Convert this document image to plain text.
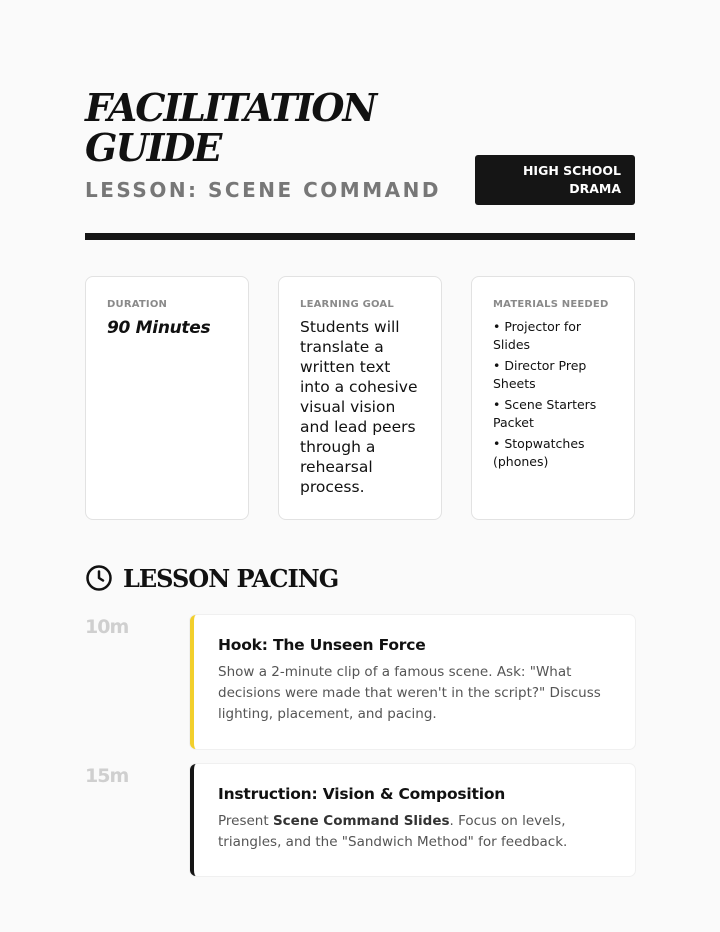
FACILITATION
GUIDE
LESSON: SCENE COMMAND
HIGH SCHOOL
DRAMA
DURATION
90 Minutes
LEARNING GOAL
Students will translate a written text into a cohesive visual vision and lead peers through a rehearsal process.
MATERIALS NEEDED
• Projector for Slides
• Director Prep Sheets
• Scene Starters Packet
• Stopwatches (phones)
LESSON PACING
10m
Hook: The Unseen Force
Show a 2-minute clip of a famous scene. Ask: "What decisions were made that weren't in the script?" Discuss lighting, placement, and pacing.
15m
Instruction: Vision & Composition
Present Scene Command Slides. Focus on levels, triangles, and the "Sandwich Method" for feedback.
